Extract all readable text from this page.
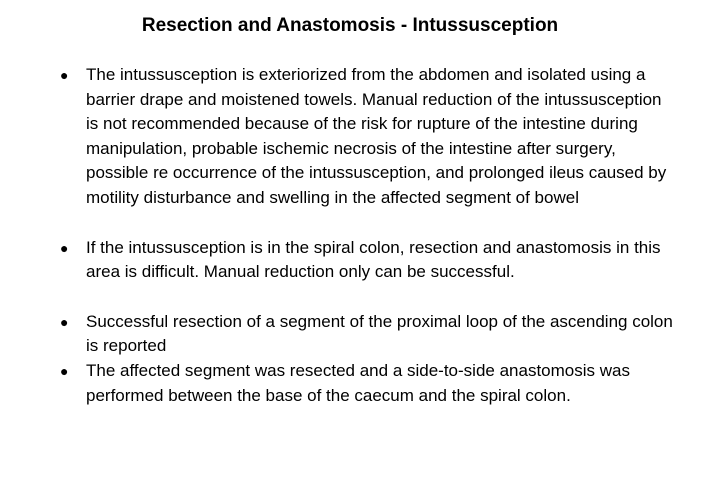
Resection and Anastomosis - Intussusception
● The intussusception is exteriorized from the abdomen and isolated using a barrier drape and moistened towels. Manual reduction of the intussusception is not recommended because of the risk for rupture of the intestine during manipulation, probable ischemic necrosis of the intestine after surgery, possible re occurrence of the intussusception, and prolonged ileus caused by motility disturbance and swelling in the affected segment of bowel
● If the intussusception is in the spiral colon, resection and anastomosis in this area is difficult. Manual reduction only can be successful.
● Successful resection of a segment of the proximal loop of the ascending colon is reported
● The affected segment was resected and a side-to-side anastomosis was performed between the base of the caecum and the spiral colon.
